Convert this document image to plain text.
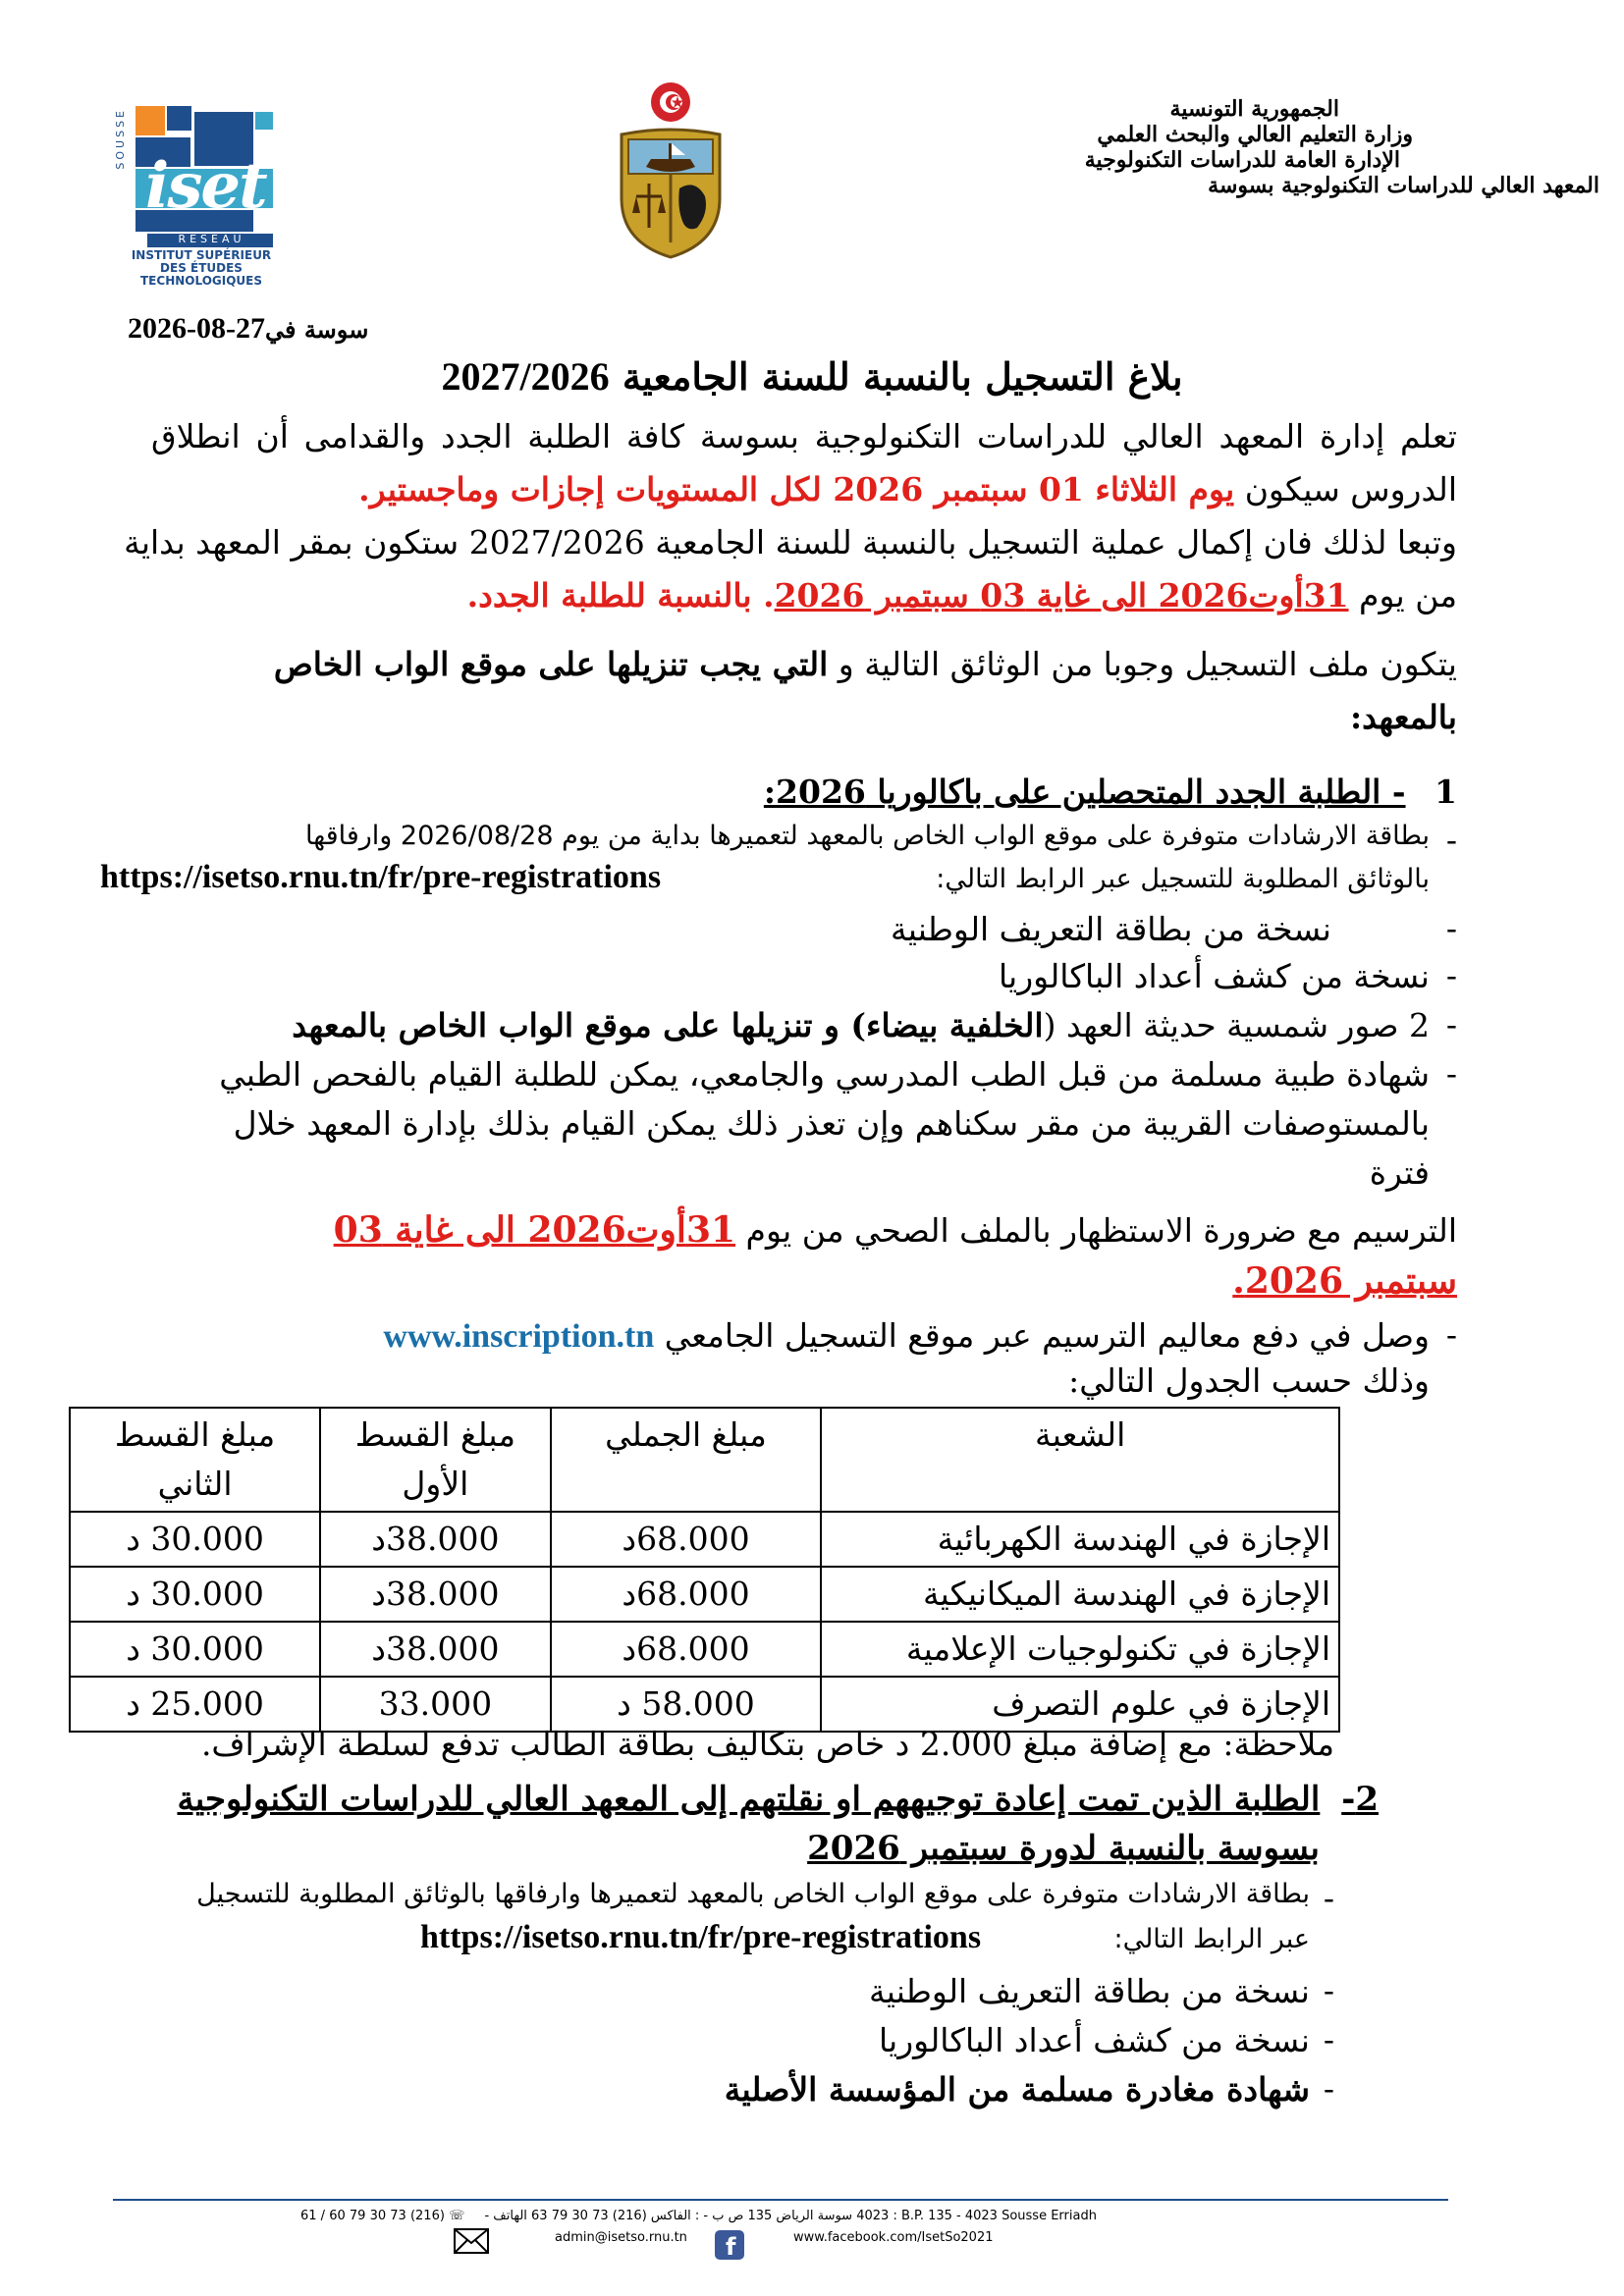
SOUSSE
iset
RESEAU
INSTITUT SUPÉRIEUR
DES ÉTUDES
TECHNOLOGIQUES
الجمهورية التونسية
وزارة التعليم العالي والبحث العلمي
الإدارة العامة للدراسات التكنولوجية
المعهد العالي للدراسات التكنولوجية بسوسة
سوسة في2026-08-27
بلاغ التسجيل بالنسبة للسنة الجامعية 2027/2026
تعلم إدارة المعهد العالي للدراسات التكنولوجية بسوسة كافة الطلبة الجدد والقدامى أن انطلاق
الدروس سيكون يوم الثلاثاء 01 سبتمبر 2026 لكل المستويات إجازات وماجستير.
وتبعا لذلك فان إكمال عملية التسجيل بالنسبة للسنة الجامعية 2027/2026 ستكون بمقر المعهد بداية
من يوم 31أوت2026 الى غاية 03 سبتمبر 2026. بالنسبة للطلبة الجدد.
يتكون ملف التسجيل وجوبا من الوثائق التالية و التي يجب تنزيلها على موقع الواب الخاص
بالمعهد:
1 - الطلبة الجدد المتحصلين على باكالوريا 2026:
-
بطاقة الارشادات متوفرة على موقع الواب الخاص بالمعهد لتعميرها بداية من يوم 2026/08/28 وارفاقها
بالوثائق المطلوبة للتسجيل عبر الرابط التالي:
https://isetso.rnu.tn/fr/pre-registrations
-
نسخة من بطاقة التعريف الوطنية
-
نسخة من كشف أعداد الباكالوريا
-
2 صور شمسية حديثة العهد (الخلفية بيضاء) و تنزيلها على موقع الواب الخاص بالمعهد
-
شهادة طبية مسلمة من قبل الطب المدرسي والجامعي، يمكن للطلبة القيام بالفحص الطبي
بالمستوصفات القريبة من مقر سكناهم وإن تعذر ذلك يمكن القيام بذلك بإدارة المعهد خلال
فترة
الترسيم مع ضرورة الاستظهار بالملف الصحي من يوم 31أوت2026 الى غاية 03
سبتمبر 2026.
-
وصل في دفع معاليم الترسيم عبر موقع التسجيل الجامعي www.inscription.tn
وذلك حسب الجدول التالي:
الشعبة	مبلغ الجملي	مبلغ القسط الأول	مبلغ القسط الثاني
الإجازة في الهندسة الكهربائية	68.000د	38.000د	30.000 د
الإجازة في الهندسة الميكانيكية	68.000د	38.000د	30.000 د
الإجازة في تكنولوجيات الإعلامية	68.000د	38.000د	30.000 د
الإجازة في علوم التصرف	58.000 د	33.000	25.000 د
ملاحظة: مع إضافة مبلغ 2.000 د خاص بتكاليف بطاقة الطالب تدفع لسلطة الإشراف.
2- الطلبة الذين تمت إعادة توجيههم او نقلتهم إلى المعهد العالي للدراسات التكنولوجية
بسوسة بالنسبة لدورة سبتمبر 2026
-
بطاقة الارشادات متوفرة على موقع الواب الخاص بالمعهد لتعميرها وارفاقها بالوثائق المطلوبة للتسجيل
عبر الرابط التالي:
https://isetso.rnu.tn/fr/pre-registrations
-
نسخة من بطاقة التعريف الوطنية
-
نسخة من كشف أعداد الباكالوريا
-
شهادة مغادرة مسلمة من المؤسسة الأصلية
4023 سوسة الرياض 135 ص ب - : الفاكس (216) 73 30 79 63 الهاتف - ☏ (216) 73 30 79 60 / 61 : B.P. 135 - 4023 Sousse Erriadh
admin@isetso.rnu.tn f	www.facebook.com/IsetSo2021
